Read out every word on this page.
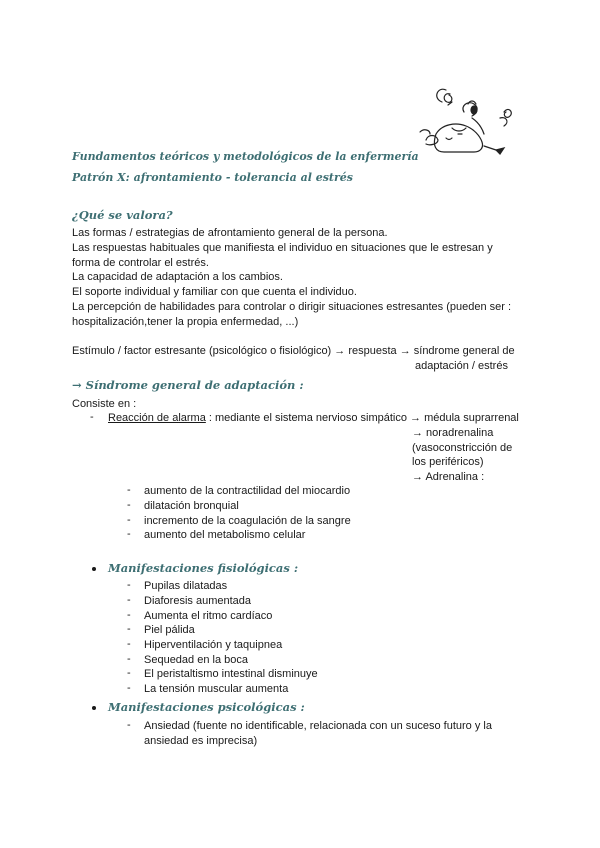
Fundamentos teóricos y metodológicos de la enfermería
Patrón X: afrontamiento - tolerancia al estrés
¿Qué se valora?
Las formas / estrategias de afrontamiento general de la persona.
Las respuestas habituales que manifiesta el individuo en situaciones que le estresan y
forma de controlar el estrés.
La capacidad de adaptación a los cambios.
El soporte individual y familiar con que cuenta el individuo.
La percepción de habilidades para controlar o dirigir situaciones estresantes (pueden ser :
hospitalización,tener la propia enfermedad, ...)
Estímulo / factor estresante (psicológico o fisiológico) → respuesta → síndrome general de
adaptación / estrés
→ Síndrome general de adaptación :
Consiste en :
- Reacción de alarma : mediante el sistema nervioso simpático → médula suprarrenal
→ noradrenalina
(vasoconstricción de
los periféricos)
→ Adrenalina :
- aumento de la contractilidad del miocardio
- dilatación bronquial
- incremento de la coagulación de la sangre
- aumento del metabolismo celular
Manifestaciones fisiológicas :
- Pupilas dilatadas
- Diaforesis aumentada
- Aumenta el ritmo cardíaco
- Piel pálida
- Hiperventilación y taquipnea
- Sequedad en la boca
- El peristaltismo intestinal disminuye
- La tensión muscular aumenta
Manifestaciones psicológicas :
- Ansiedad (fuente no identificable, relacionada con un suceso futuro y la
ansiedad es imprecisa)
